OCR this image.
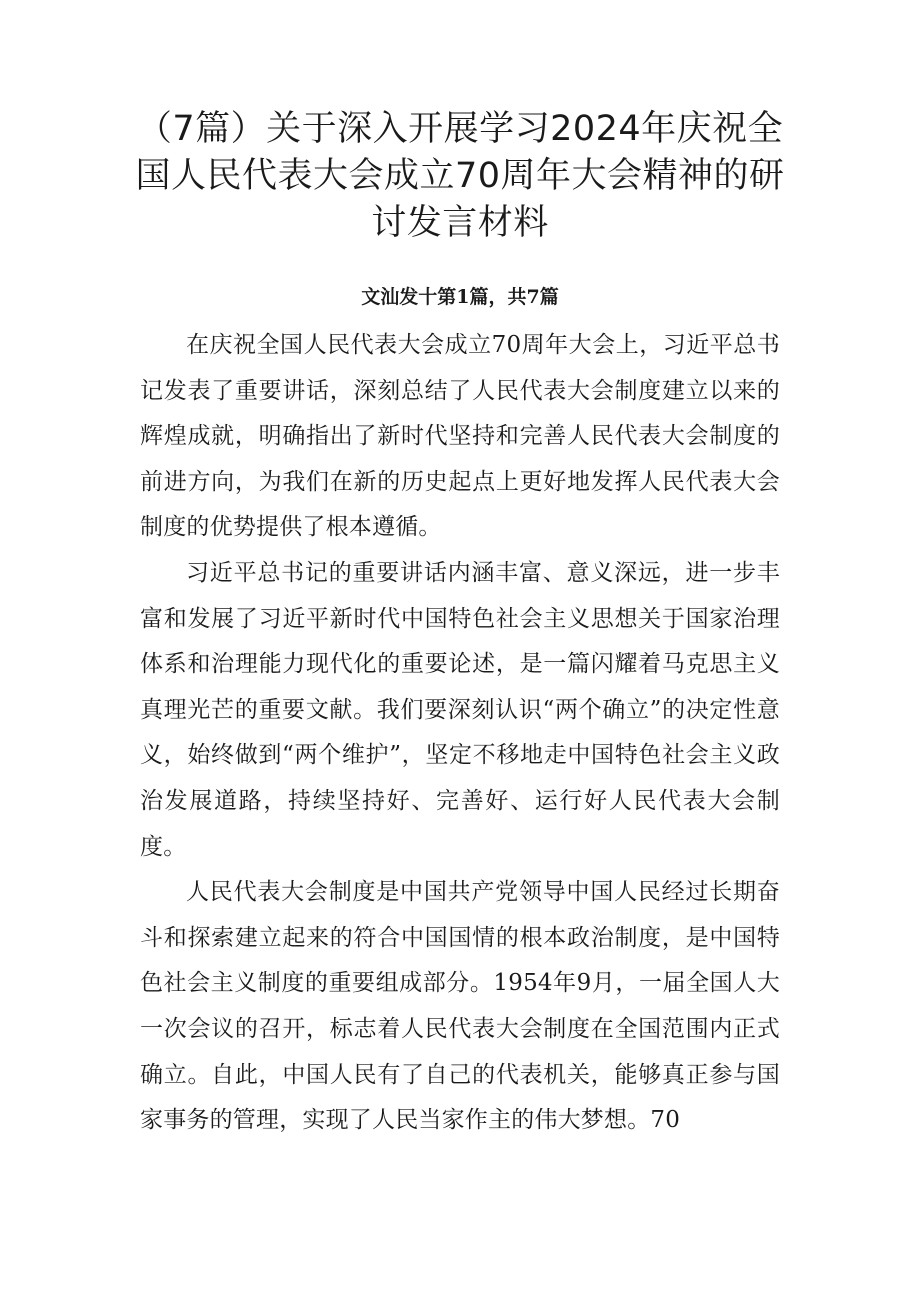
（7篇）关于深入开展学习2024年庆祝全
国人民代表大会成立70周年大会精神的研
讨发言材料
文汕发十第1篇，共7篇

在庆祝全国人民代表大会成立70周年大会上，习近平总书记发表了重要讲话，深刻总结了人民代表大会制度建立以来的辉煌成就，明确指出了新时代坚持和完善人民代表大会制度的前进方向，为我们在新的历史起点上更好地发挥人民代表大会制度的优势提供了根本遵循。

习近平总书记的重要讲话内涵丰富、意义深远，进一步丰富和发展了习近平新时代中国特色社会主义思想关于国家治理体系和治理能力现代化的重要论述，是一篇闪耀着马克思主义真理光芒的重要文献。我们要深刻认识“两个确立”的决定性意义，始终做到“两个维护”，坚定不移地走中国特色社会主义政治发展道路，持续坚持好、完善好、运行好人民代表大会制度。

人民代表大会制度是中国共产党领导中国人民经过长期奋斗和探索建立起来的符合中国国情的根本政治制度，是中国特色社会主义制度的重要组成部分。1954年9月，一届全国人大一次会议的召开，标志着人民代表大会制度在全国范围内正式确立。自此，中国人民有了自己的代表机关，能够真正参与国家事务的管理，实现了人民当家作主的伟大梦想。70
